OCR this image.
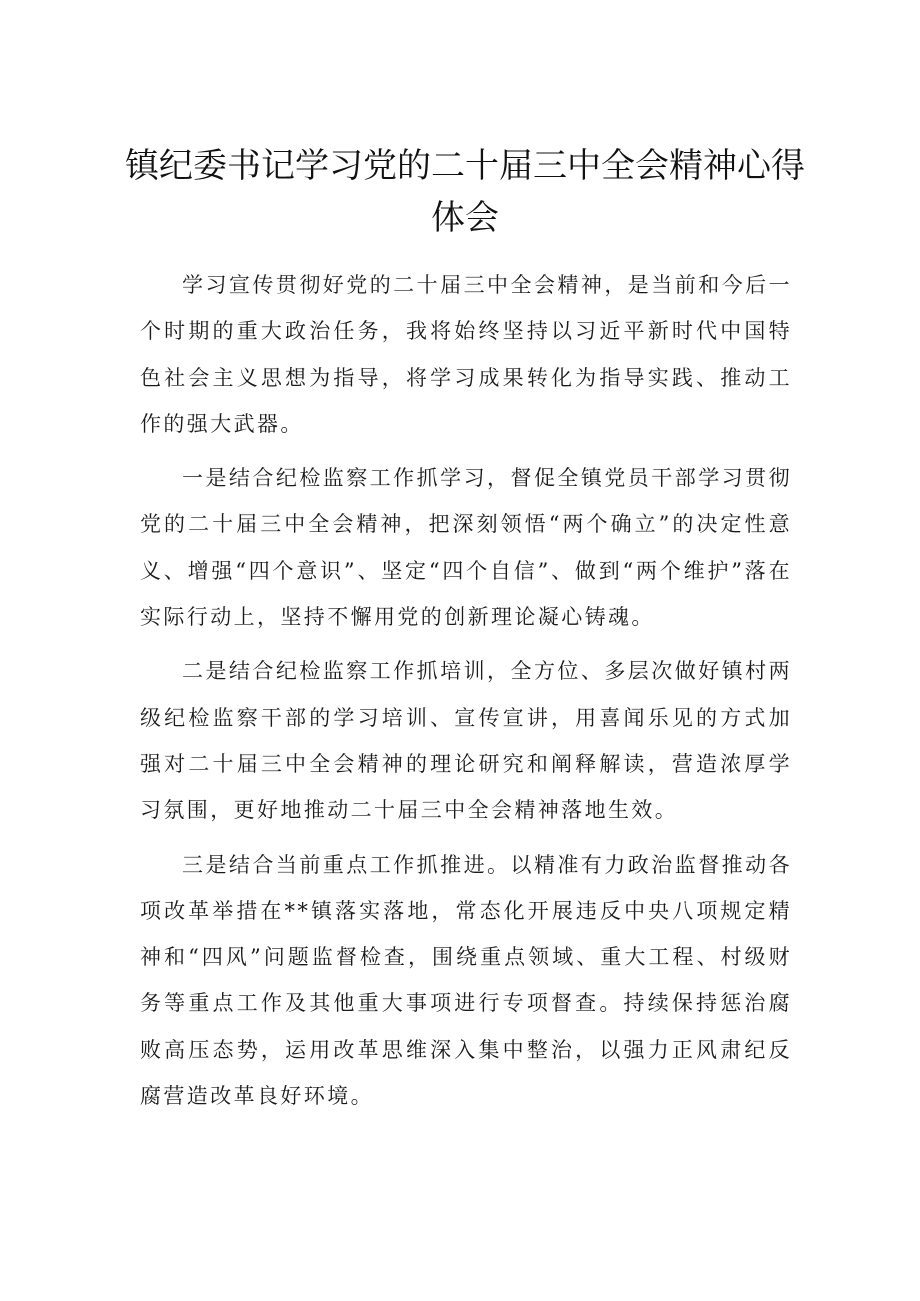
镇纪委书记学习党的二十届三中全会精神心得体会

学习宣传贯彻好党的二十届三中全会精神，是当前和今后一个时期的重大政治任务，我将始终坚持以习近平新时代中国特色社会主义思想为指导，将学习成果转化为指导实践、推动工作的强大武器。

一是结合纪检监察工作抓学习，督促全镇党员干部学习贯彻党的二十届三中全会精神，把深刻领悟“两个确立”的决定性意义、增强“四个意识”、坚定“四个自信”、做到“两个维护”落在实际行动上，坚持不懈用党的创新理论凝心铸魂。

二是结合纪检监察工作抓培训，全方位、多层次做好镇村两级纪检监察干部的学习培训、宣传宣讲，用喜闻乐见的方式加强对二十届三中全会精神的理论研究和阐释解读，营造浓厚学习氛围，更好地推动二十届三中全会精神落地生效。

三是结合当前重点工作抓推进。以精准有力政治监督推动各项改革举措在**镇落实落地，常态化开展违反中央八项规定精神和“四风”问题监督检查，围绕重点领域、重大工程、村级财务等重点工作及其他重大事项进行专项督查。持续保持惩治腐败高压态势，运用改革思维深入集中整治，以强力正风肃纪反腐营造改革良好环境。
